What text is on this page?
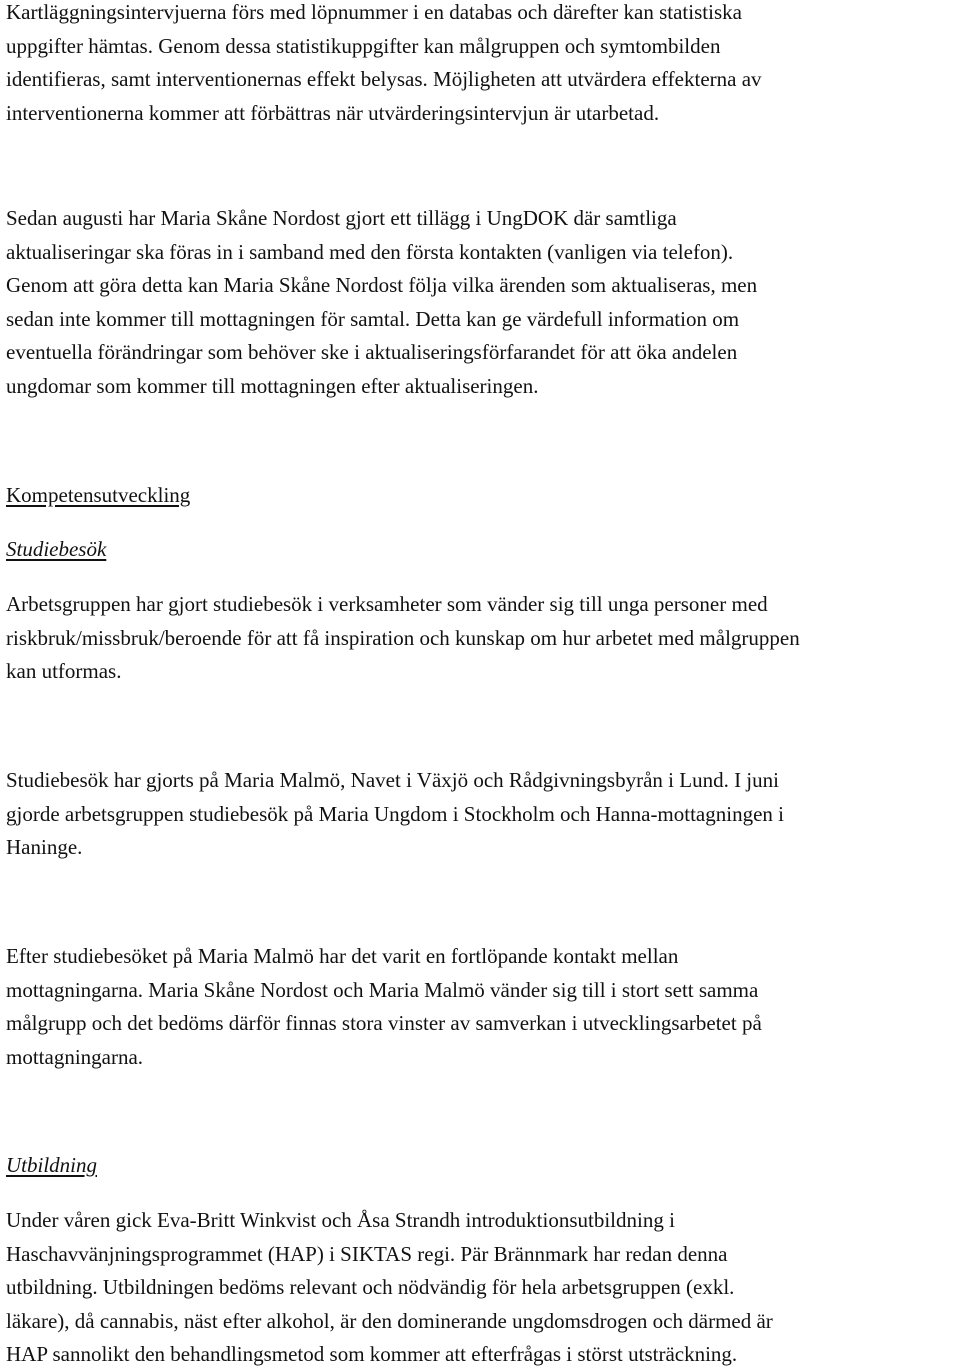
Kartläggningsintervjuerna förs med löpnummer i en databas och därefter kan statistiska
uppgifter hämtas. Genom dessa statistikuppgifter kan målgruppen och symtombilden
identifieras, samt interventionernas effekt belysas. Möjligheten att utvärdera effekterna av
interventionerna kommer att förbättras när utvärderingsintervjun är utarbetad.

Sedan augusti har Maria Skåne Nordost gjort ett tillägg i UngDOK där samtliga
aktualiseringar ska föras in i samband med den första kontakten (vanligen via telefon).
Genom att göra detta kan Maria Skåne Nordost följa vilka ärenden som aktualiseras, men
sedan inte kommer till mottagningen för samtal. Detta kan ge värdefull information om
eventuella förändringar som behöver ske i aktualiseringsförfarandet för att öka andelen
ungdomar som kommer till mottagningen efter aktualiseringen.

Kompetensutveckling

Studiebesök

Arbetsgruppen har gjort studiebesök i verksamheter som vänder sig till unga personer med
riskbruk/missbruk/beroende för att få inspiration och kunskap om hur arbetet med målgruppen
kan utformas.

Studiebesök har gjorts på Maria Malmö, Navet i Växjö och Rådgivningsbyrån i Lund. I juni
gjorde arbetsgruppen studiebesök på Maria Ungdom i Stockholm och Hanna-mottagningen i
Haninge.

Efter studiebesöket på Maria Malmö har det varit en fortlöpande kontakt mellan
mottagningarna. Maria Skåne Nordost och Maria Malmö vänder sig till i stort sett samma
målgrupp och det bedöms därför finnas stora vinster av samverkan i utvecklingsarbetet på
mottagningarna.

Utbildning

Under våren gick Eva-Britt Winkvist och Åsa Strandh introduktionsutbildning i
Haschavvänjningsprogrammet (HAP) i SIKTAS regi. Pär Brännmark har redan denna
utbildning. Utbildningen bedöms relevant och nödvändig för hela arbetsgruppen (exkl.
läkare), då cannabis, näst efter alkohol, är den dominerande ungdomsdrogen och därmed är
HAP sannolikt den behandlingsmetod som kommer att efterfrågas i störst utsträckning.
